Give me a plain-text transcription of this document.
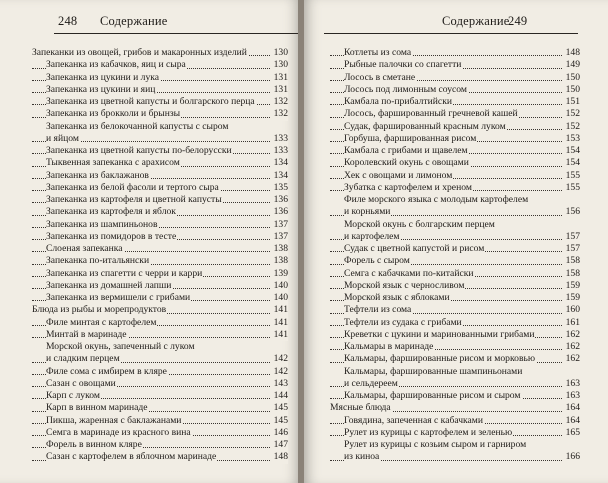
248 Содержание
Запеканки из овощей, грибов и макаронных изделий	130
Запеканка из кабачков, яиц и сыра	130
Запеканка из цукини и лука	131
Запеканка из цукини и яиц	131
Запеканка из цветной капусты и болгарского перца 132
Запеканка из брокколи и брынзы	132
Запеканка из белокочанной капусты с сыром
и яйцом	133
Запеканка из цветной капусты по-белорусски	133
Тыквенная запеканка с арахисом	134
Запеканка из баклажанов	134
Запеканка из белой фасоли и тертого сыра	135
Запеканка из картофеля и цветной капусты	136
Запеканка из картофеля и яблок	136
Запеканка из шампиньонов	137
Запеканка из помидоров в тесте	137
Слоеная запеканка	138
Запеканка по-итальянски	138
Запеканка из спагетти с черри и карри	139
Запеканка из домашней лапши	140
Запеканка из вермишели с грибами	140
Блюда из рыбы и морепродуктов	141
Филе минтая с картофелем	141
Минтай в маринаде	141
Морской окунь, запеченный с луком
и сладким перцем	142
Филе сома с имбирем в кляре	142
Сазан с овощами	143
Карп с луком	144
Карп в винном маринаде	145
Пикша, жаренная с баклажанами	145
Семга в маринаде из красного вина	146
Форель в винном кляре	147
Сазан с картофелем в яблочном маринаде	148
Содержание
249
Котлеты из сома	148
Рыбные палочки со спагетти	149
Лосось в сметане	150
Лосось под лимонным соусом	150
Камбала по-прибалтийски	151
Лосось, фаршированный гречневой кашей	152
Судак, фаршированный красным луком	152
Горбуша, фаршированная рисом	153
Камбала с грибами и щавелем	154
Королевский окунь с овощами	154
Хек с овощами и лимоном	155
Зубатка с картофелем и хреном	155
Филе морского языка с молодым картофелем
и корньями	156
Морской окунь с болгарским перцем
и картофелем	157
Судак с цветной капустой и рисом	157
Форель с сыром	158
Семга с кабачками по-китайски	158
Морской язык с черносливом	159
Морской язык с яблоками	159
Тефтели из сома	160
Тефтели из судака с грибами	161
Креветки с цукини и маринованными грибами	162
Кальмары в маринаде	162
Кальмары, фаршированные рисом и морковью	162
Кальмары, фаршированные шампиньонами
и сельдереем	163
Кальмары, фаршированные рисом и сыром	163
Мясные блюда	164
Говядина, запеченная с кабачками	164
Рулет из курицы с картофелем и зеленью	165
Рулет из курицы с козьим сыром и гарниром
из киноа	166
